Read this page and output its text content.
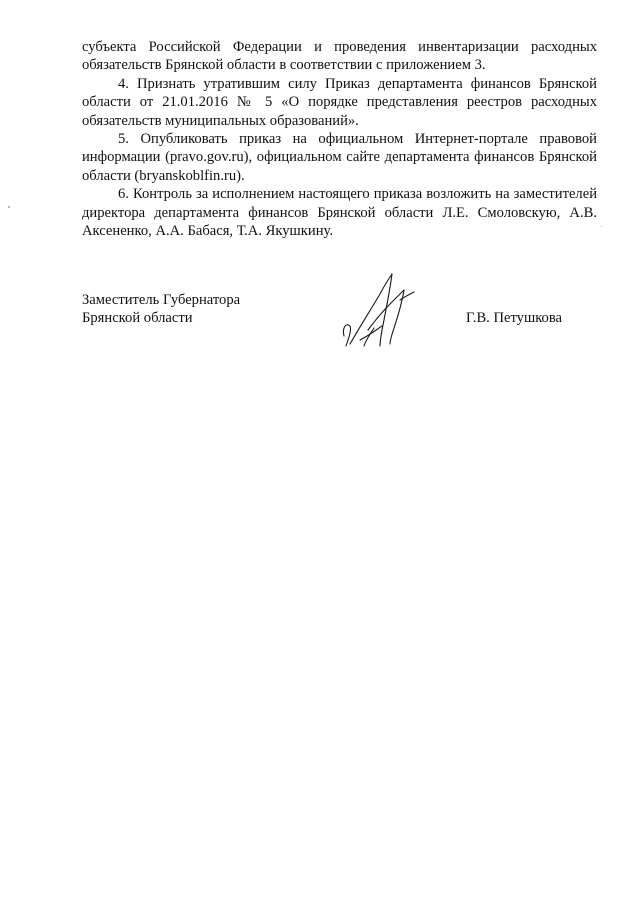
субъекта Российской Федерации и проведения инвентаризации расходных обязательств Брянской области в соответствии с приложением 3.

4. Признать утратившим силу Приказ департамента финансов Брянской области от 21.01.2016 № 5 «О порядке представления реестров расходных обязательств муниципальных образований».

5. Опубликовать приказ на официальном Интернет-портале правовой информации (pravo.gov.ru), официальном сайте департамента финансов Брянской области (bryanskoblfin.ru).

6. Контроль за исполнением настоящего приказа возложить на заместителей директора департамента финансов Брянской области Л.Е. Смоловскую, А.В. Аксененко, А.А. Бабася, Т.А. Якушкину.

Заместитель Губернатора
Брянской области	Г.В. Петушкова
